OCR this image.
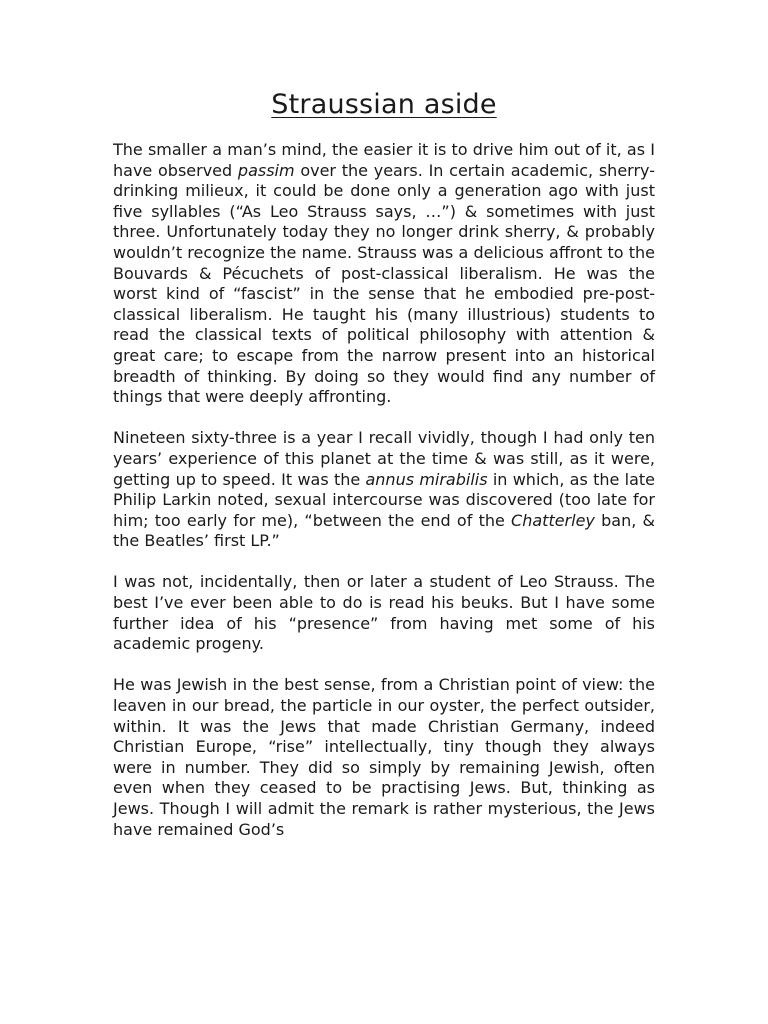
Straussian aside

The smaller a man’s mind, the easier it is to drive him out of it, as I have observed passim over the years. In certain academic, sherry-drinking milieux, it could be done only a generation ago with just five syllables (“As Leo Strauss says, …”) & sometimes with just three. Unfortunately today they no longer drink sherry, & probably wouldn’t recognize the name. Strauss was a delicious affront to the Bouvards & Pécuchets of post-classical liberalism. He was the worst kind of “fascist” in the sense that he embodied pre-post-classical liberalism. He taught his (many illustrious) students to read the classical texts of political philosophy with attention & great care; to escape from the narrow present into an historical breadth of thinking. By doing so they would find any number of things that were deeply affronting.

Nineteen sixty-three is a year I recall vividly, though I had only ten years’ experience of this planet at the time & was still, as it were, getting up to speed. It was the annus mirabilis in which, as the late Philip Larkin noted, sexual intercourse was discovered (too late for him; too early for me), “between the end of the Chatterley ban, & the Beatles’ first LP.”

I was not, incidentally, then or later a student of Leo Strauss. The best I’ve ever been able to do is read his beuks. But I have some further idea of his “presence” from having met some of his academic progeny.

He was Jewish in the best sense, from a Christian point of view: the leaven in our bread, the particle in our oyster, the perfect outsider, within. It was the Jews that made Christian Germany, indeed Christian Europe, “rise” intellectually, tiny though they always were in number. They did so simply by remaining Jewish, often even when they ceased to be practising Jews. But, thinking as Jews. Though I will admit the remark is rather mysterious, the Jews have remained God’s
